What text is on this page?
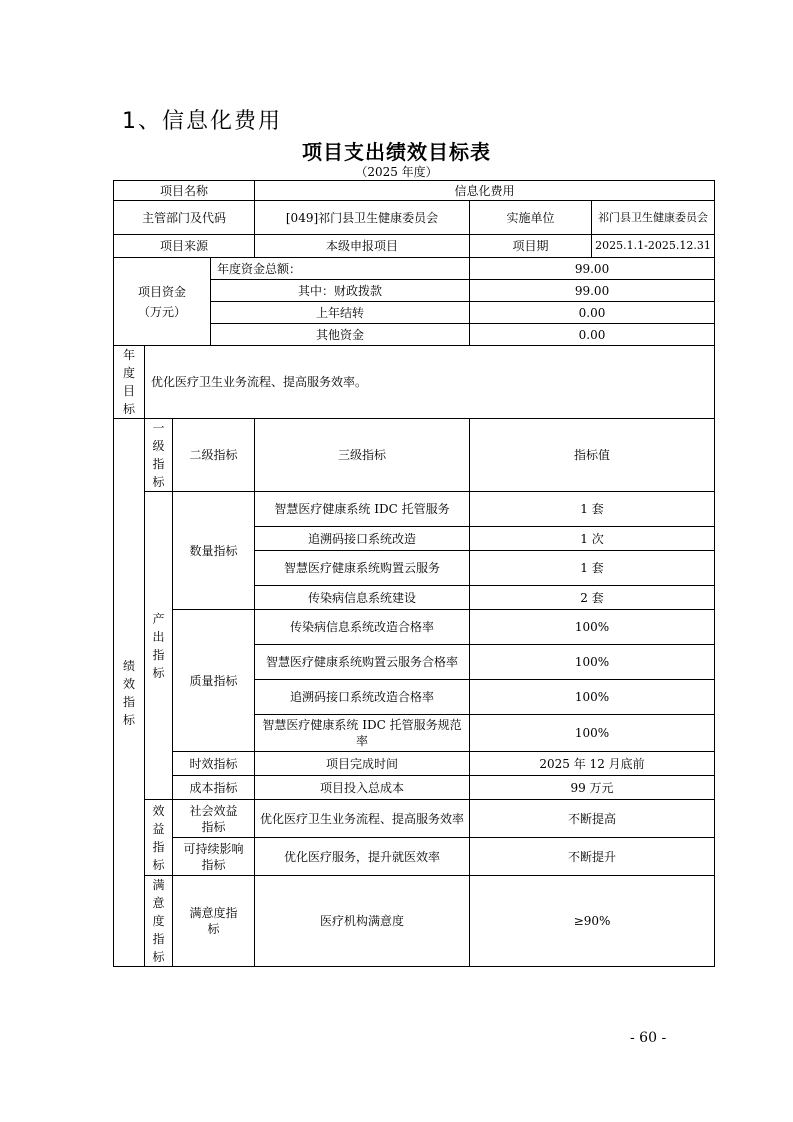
1、信息化费用
项目支出绩效目标表
（2025 年度）
项目名称				信息化费用		
主管部门及代码				[049]祁门县卫生健康委员会	实施单位	祁门县卫生健康委员会
项目来源				本级申报项目	项目期	2025.1.1-2025.12.31

项目资金（万元）			年度资金总额：		99.00	
			其中：财政拨款		99.00	
			上年结转		0.00	
			其他资金		0.00	

年度目标	优化医疗卫生业务流程、提高服务效率。					

绩效指标	一级指标	二级指标		三级指标	指标值	

	产出指标	数量指标		智慧医疗健康系统 IDC 托管服务	1 套	
				追溯码接口系统改造	1 次	
				智慧医疗健康系统购置云服务	1 套	
				传染病信息系统建设	2 套	
		质量指标		传染病信息系统改造合格率	100%	
				智慧医疗健康系统购置云服务合格率	100%	
				追溯码接口系统改造合格率	100%	
				智慧医疗健康系统 IDC 托管服务规范率	100%	
		时效指标		项目完成时间	2025 年 12 月底前	
		成本指标		项目投入总成本	99 万元	

	效益指标	社会效益指标		优化医疗卫生业务流程、提高服务效率	不断提高	

		可持续影响指标		优化医疗服务，提升就医效率	不断提升	

	满意度指标	满意度指标		医疗机构满意度	≥90%	
- 60 -
